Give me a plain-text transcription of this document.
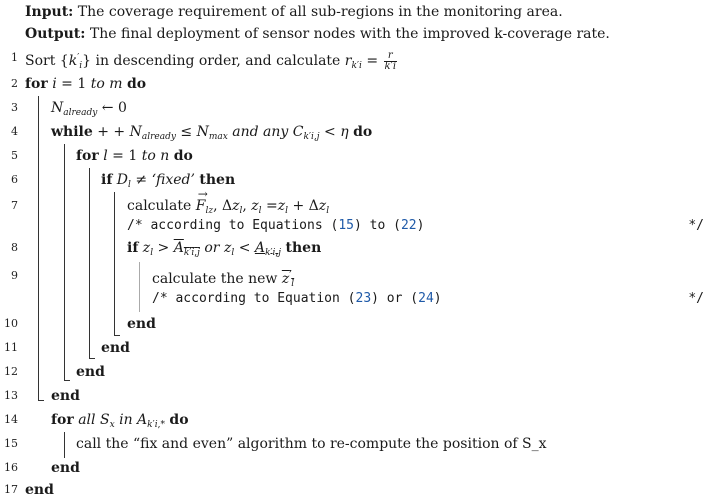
Input: The coverage requirement of all sub-regions in the monitoring area.
Output: The final deployment of sensor nodes with the improved k-coverage rate.
1 Sort $\{k'_i\}$ in descending order, and calculate $r_{k'i} = \frac{r}{k'i}$
2 for i = 1 to m do
3 $N_{already}$ ← 0
4 while + + $N_{already} \le N_{max}$ and any $C_{k'i,j} < \eta$ do
5	for l = 1 to n do
6	if $D_l$ ≠ ‘fixed’ then
7	calculate → $F_{lz}$, $\Delta z_l$, $z_l =z_l + \Delta z_l$
/* according to Equations (15) to (22)	*/
8	if $z_l > A_{k'i,j}$ or $z_l < A_{k'i,j}$ then
9	calculate the new $z'_l$
/* according to Equation (23) or (24)	*/
10	end
11	end
12	end
13 end
14 for all $S_x$ in $A_{k'i,*}$ do
15	call the “fix and even” algorithm to re-compute the position of S_x
16 end
17 end
